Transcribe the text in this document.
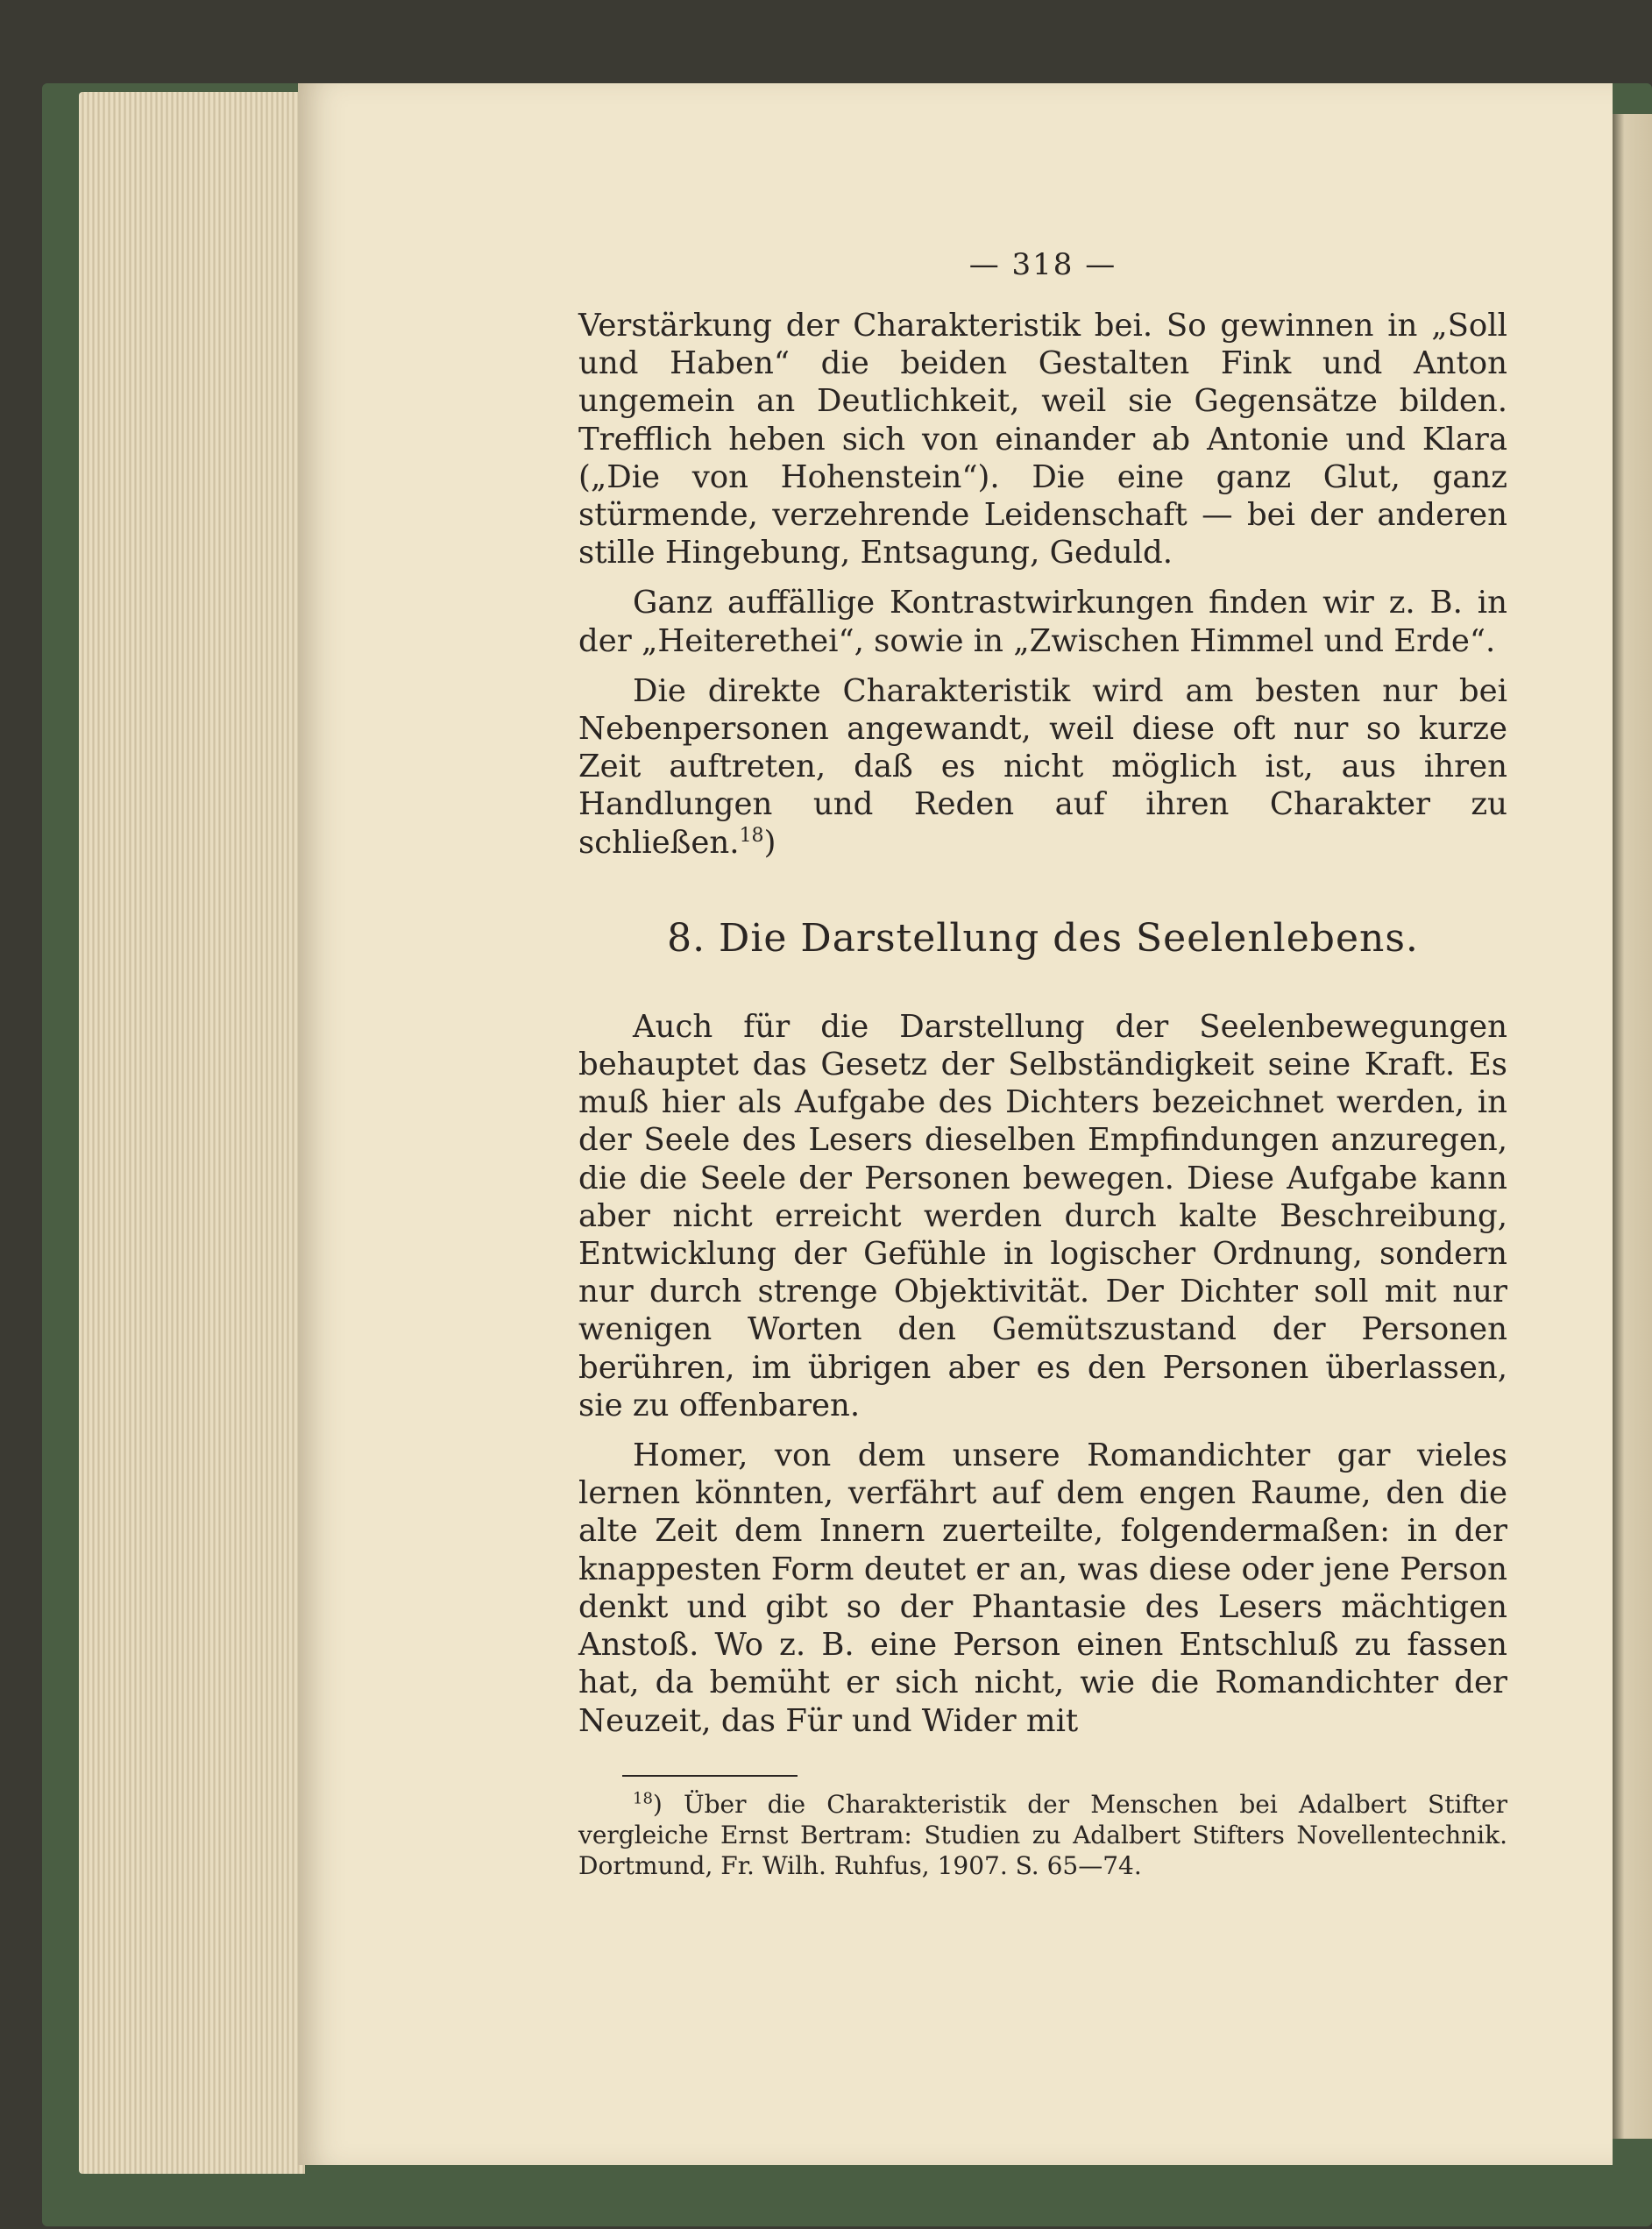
— 318 —

Verstärkung der Charakteristik bei. So gewinnen in „Soll und Haben“ die beiden Gestalten Fink und Anton ungemein an Deutlichkeit, weil sie Gegensätze bilden. Trefflich heben sich von einander ab Antonie und Klara („Die von Hohenstein“). Die eine ganz Glut, ganz stürmende, verzehrende Leidenschaft — bei der anderen stille Hingebung, Entsagung, Geduld.

Ganz auffällige Kontrastwirkungen finden wir z. B. in der „Heiterethei“, sowie in „Zwischen Himmel und Erde“.

Die direkte Charakteristik wird am besten nur bei Nebenpersonen angewandt, weil diese oft nur so kurze Zeit auftreten, daß es nicht möglich ist, aus ihren Handlungen und Reden auf ihren Charakter zu schließen.$^{18}$)

8. Die Darstellung des Seelenlebens.

Auch für die Darstellung der Seelenbewegungen behauptet das Gesetz der Selbständigkeit seine Kraft. Es muß hier als Aufgabe des Dichters bezeichnet werden, in der Seele des Lesers dieselben Empfindungen anzuregen, die die Seele der Personen bewegen. Diese Aufgabe kann aber nicht erreicht werden durch kalte Beschreibung, Entwicklung der Gefühle in logischer Ordnung, sondern nur durch strenge Objektivität. Der Dichter soll mit nur wenigen Worten den Gemütszustand der Personen berühren, im übrigen aber es den Personen überlassen, sie zu offenbaren.

Homer, von dem unsere Romandichter gar vieles lernen könnten, verfährt auf dem engen Raume, den die alte Zeit dem Innern zuerteilte, folgendermaßen: in der knappesten Form deutet er an, was diese oder jene Person denkt und gibt so der Phantasie des Lesers mächtigen Anstoß. Wo z. B. eine Person einen Entschluß zu fassen hat, da bemüht er sich nicht, wie die Romandichter der Neuzeit, das Für und Wider mit

$^{18}$) Über die Charakteristik der Menschen bei Adalbert Stifter vergleiche Ernst Bertram: Studien zu Adalbert Stifters Novellentechnik. Dortmund, Fr. Wilh. Ruhfus, 1907. S. 65—74.
